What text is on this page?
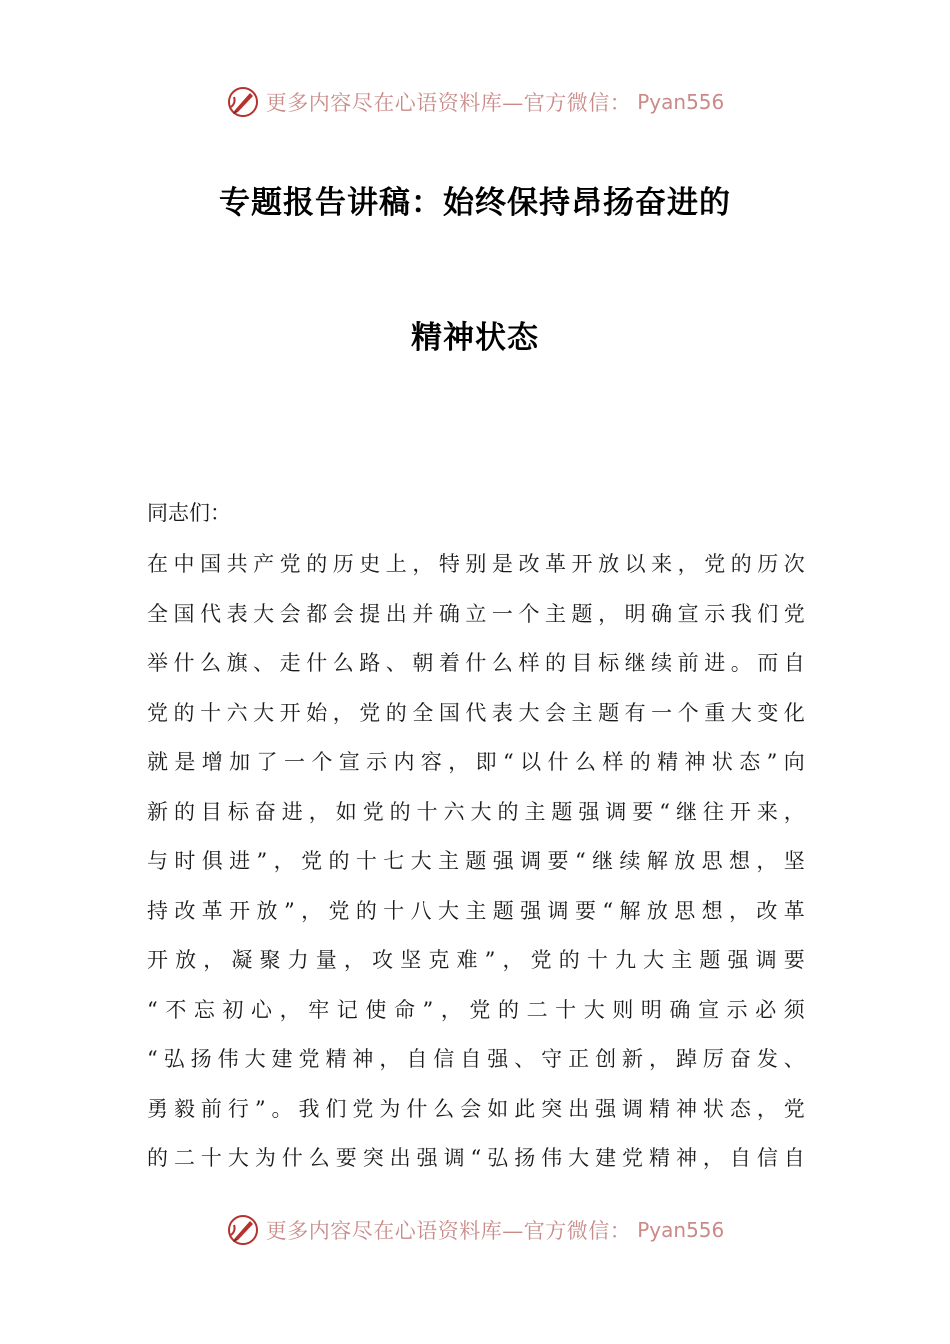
更多内容尽在心语资料库—官方微信： Pyan556
专题报告讲稿：始终保持昂扬奋进的
精神状态
同志们：
在中国共产党的历史上，特别是改革开放以来，党的历次
全国代表大会都会提出并确立一个主题，明确宣示我们党
举什么旗、走什么路、朝着什么样的目标继续前进。而自
党的十六大开始，党的全国代表大会主题有一个重大变化
就是增加了一个宣示内容，即“以什么样的精神状态”向
新的目标奋进，如党的十六大的主题强调要“继往开来，
与时俱进”，党的十七大主题强调要“继续解放思想，坚
持改革开放”，党的十八大主题强调要“解放思想，改革
开放，凝聚力量，攻坚克难”，党的十九大主题强调要
“不忘初心，牢记使命”，党的二十大则明确宣示必须
“弘扬伟大建党精神，自信自强、守正创新，踔厉奋发、
勇毅前行”。我们党为什么会如此突出强调精神状态，党
的二十大为什么要突出强调“弘扬伟大建党精神，自信自
更多内容尽在心语资料库—官方微信： Pyan556
